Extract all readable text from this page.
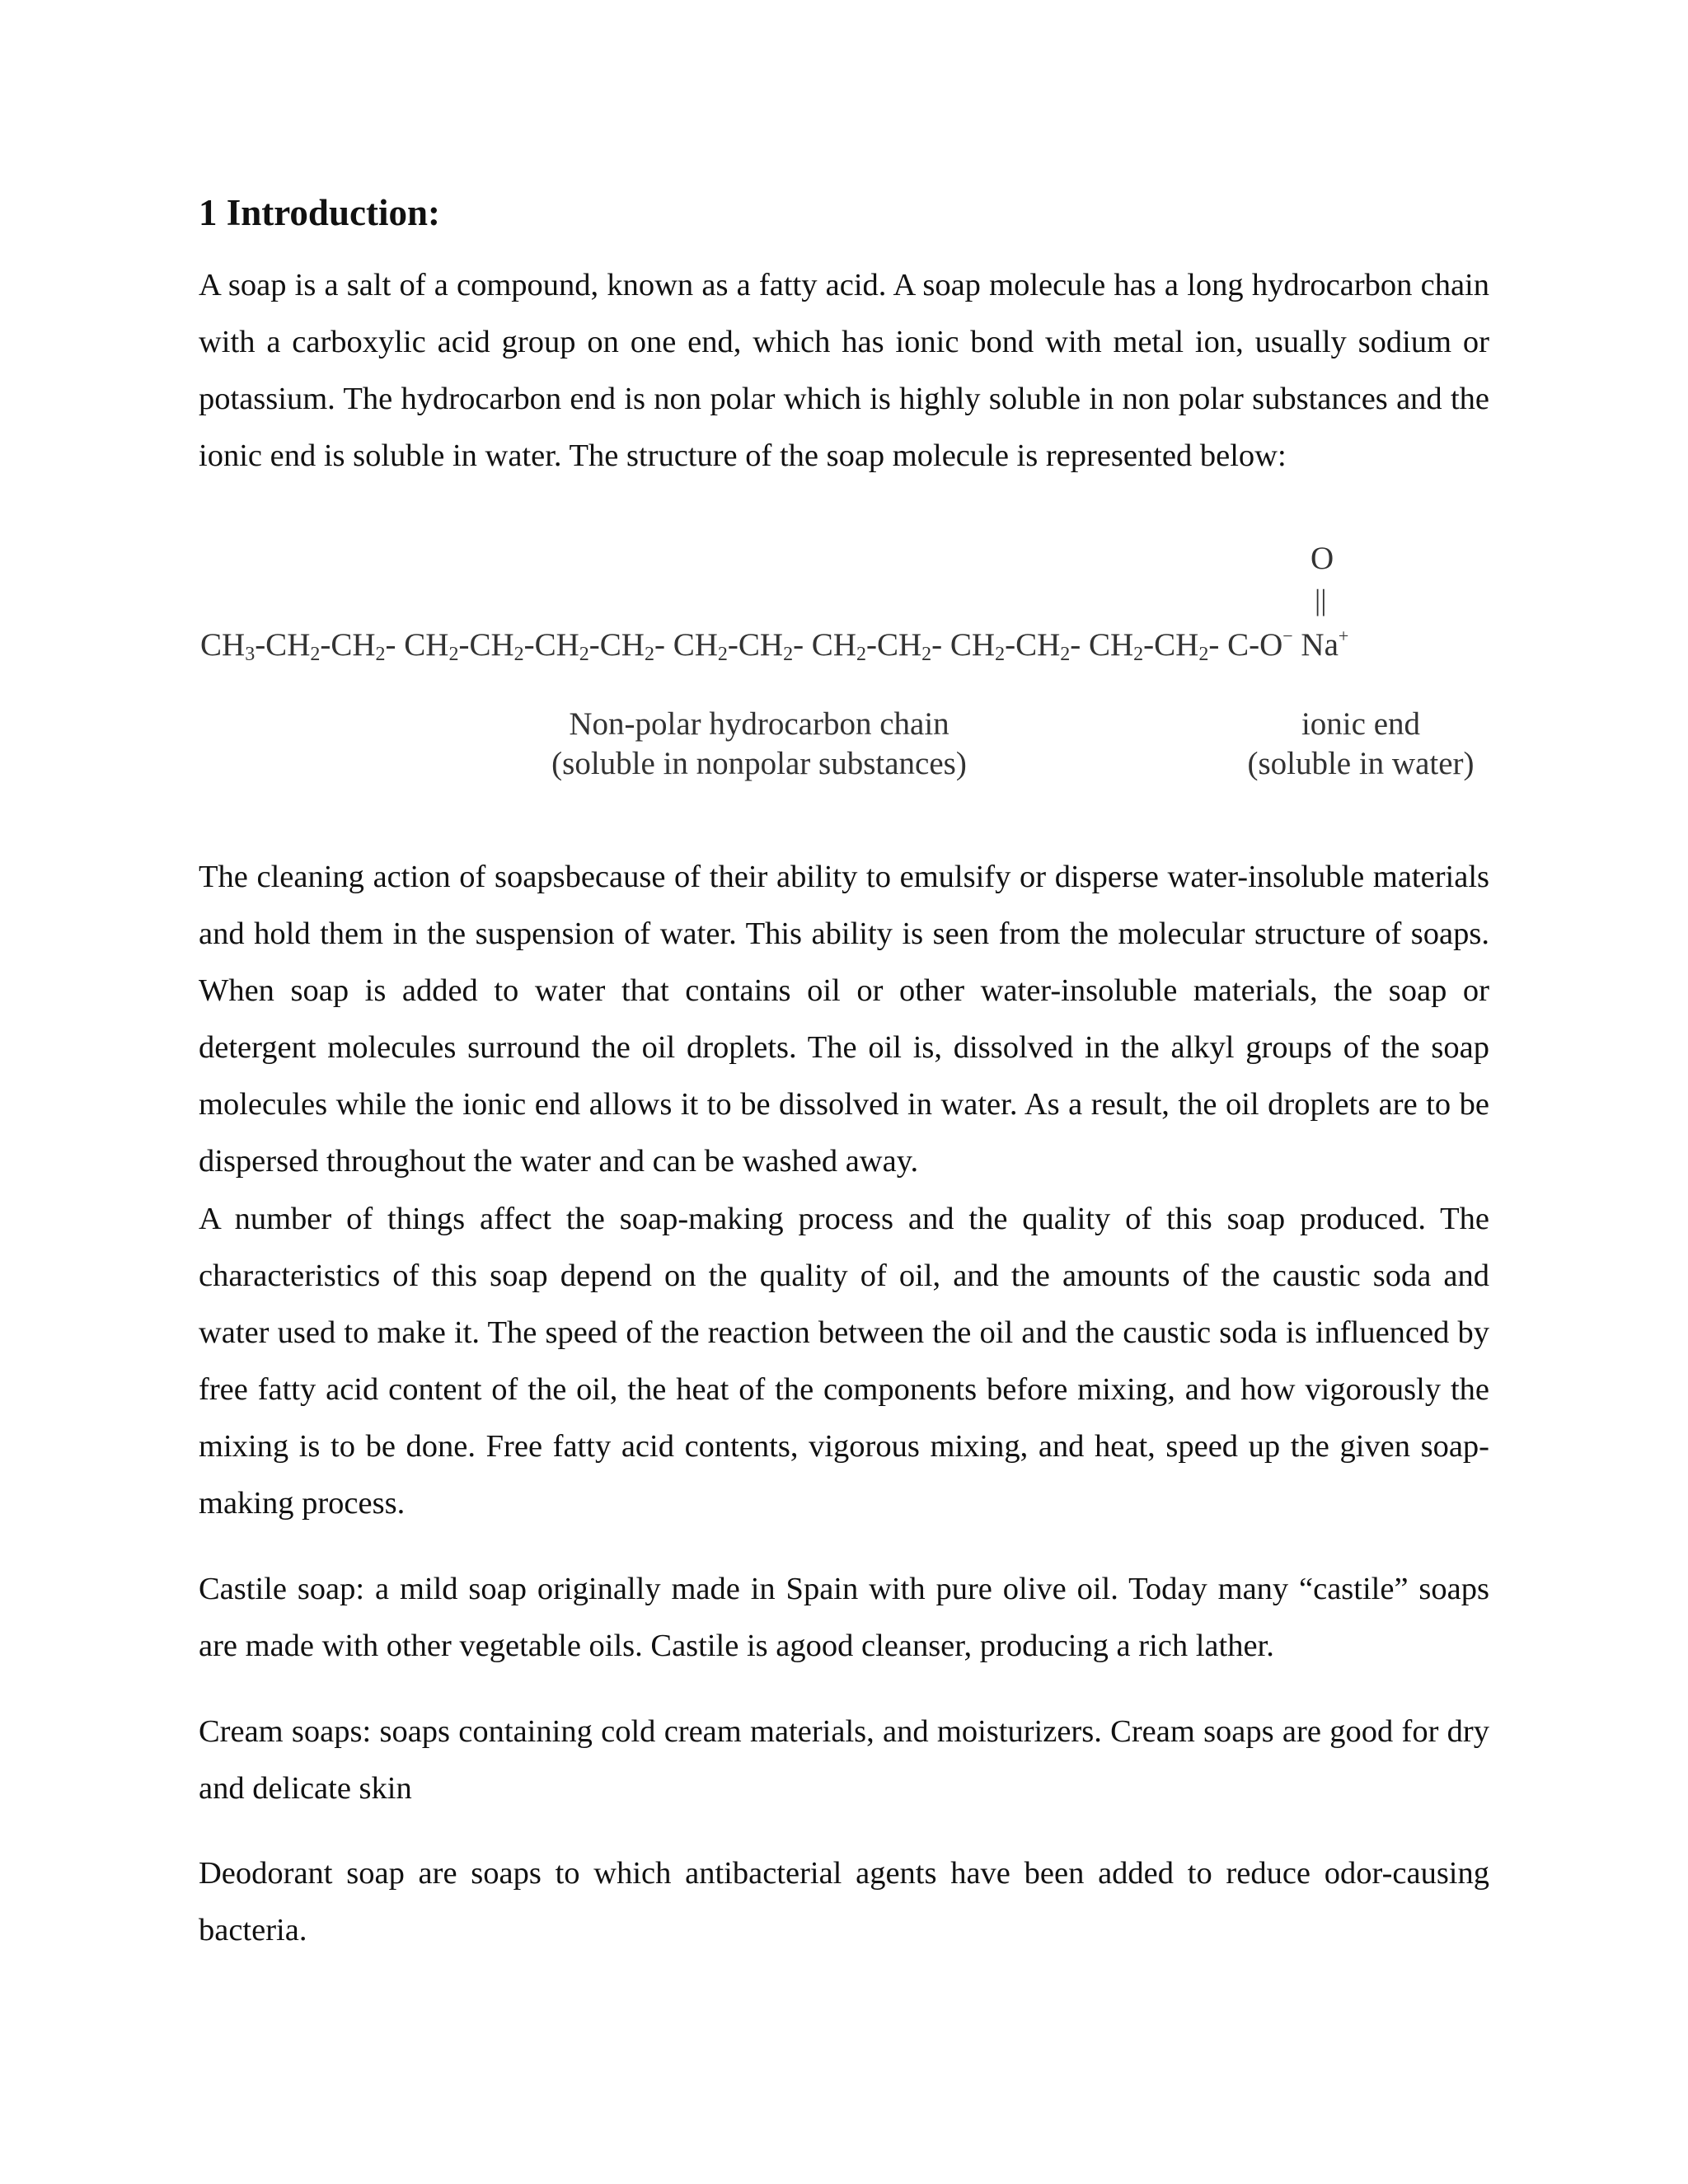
1 Introduction:

A soap is a salt of a compound, known as a fatty acid. A soap molecule has a long hydrocarbon chain with a carboxylic acid group on one end, which has ionic bond with metal ion, usually sodium or potassium. The hydrocarbon end is non polar which is highly soluble in non polar substances and the ionic end is soluble in water. The structure of the soap molecule is represented below:

O
||
$CH_3-CH_2-CH_2-$ $CH_2-CH_2-CH_2-CH_2-$ $CH_2-CH_2-$ $CH_2-CH_2-$ $CH_2-CH_2-$ $CH_2-CH_2-$ C-O− Na+
Non-polar hydrocarbon chain
(soluble in nonpolar substances)
ionic end
(soluble in water)

The cleaning action of soapsbecause of their ability to emulsify or disperse water-insoluble materials and hold them in the suspension of water. This ability is seen from the molecular structure of soaps. When soap is added to water that contains oil or other water-insoluble materials, the soap or detergent molecules surround the oil droplets. The oil is, dissolved in the alkyl groups of the soap molecules while the ionic end allows it to be dissolved in water. As a result, the oil droplets are to be dispersed throughout the water and can be washed away.

A number of things affect the soap-making process and the quality of this soap produced. The characteristics of this soap depend on the quality of oil, and the amounts of the caustic soda and water used to make it. The speed of the reaction between the oil and the caustic soda is influenced by free fatty acid content of the oil, the heat of the components before mixing, and how vigorously the mixing is to be done. Free fatty acid contents, vigorous mixing, and heat, speed up the given soap-making process.

Castile soap: a mild soap originally made in Spain with pure olive oil. Today many “castile” soaps are made with other vegetable oils. Castile is agood cleanser, producing a rich lather.

Cream soaps: soaps containing cold cream materials, and moisturizers. Cream soaps are good for dry and delicate skin

Deodorant soap are soaps to which antibacterial agents have been added to reduce odor-causing bacteria.
